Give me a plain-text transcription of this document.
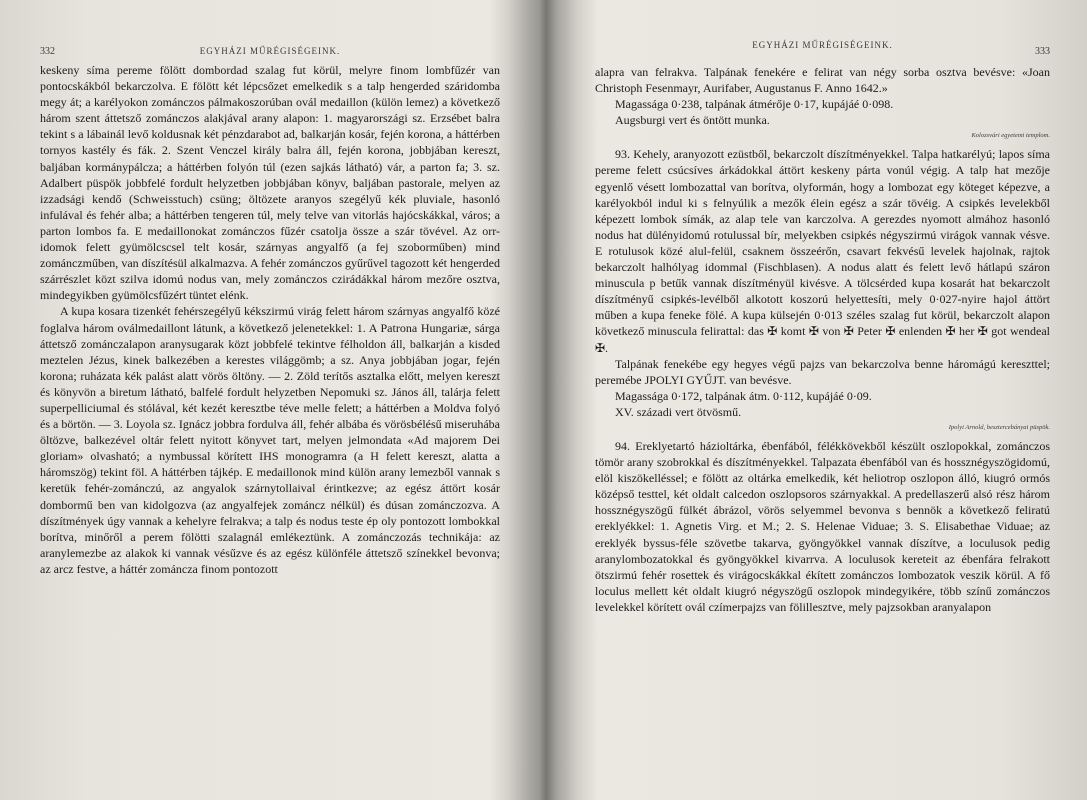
332	EGYHÁZI MŰRÉGISÉGEINK.

keskeny síma pereme fölött dombordad szalag fut körül, melyre finom lombfűzér van pontocskákból bekarczolva. E fölött két lépcsőzet emelkedik s a talp hengerded száridomba megy át; a karélyokon zománczos pálmakoszorúban ovál medaillon (külön lemez) a következő három szent áttetsző zománczos alakjával arany alapon: 1. magyarországi sz. Erzsébet balra tekint s a lábainál levő koldusnak két pénzdarabot ad, balkarján kosár, fején korona, a háttérben tornyos kastély és fák. 2. Szent Venczel király balra áll, fején korona, jobbjában kereszt, baljában kormánypálcza; a háttérben folyón túl (ezen sajkás látható) vár, a parton fa; 3. sz. Adalbert püspök jobbfelé fordult helyzetben jobbjában könyv, baljában pastorale, melyen az izzadsági kendő (Schweisstuch) csüng; öltözete aranyos szegélyű kék pluviale, hasonló infulával és fehér alba; a háttérben tengeren túl, mely telve van vitorlás hajócskákkal, város; a parton lombos fa. E medaillonokat zománczos fűzér csatolja össze a szár tövével. Az orr-idomok felett gyümölcscsel telt kosár, szárnyas angyalfő (a fej szoborműben) mind zománczműben, van díszítésül alkalmazva. A fehér zománczos gyűrűvel tagozott két hengerded szárrészlet közt szilva idomú nodus van, mely zománczos czirádákkal három mezőre osztva, mindegyikben gyümölcsfűzért tüntet elénk.

A kupa kosara tizenkét fehérszegélyű kékszirmú virág felett három szárnyas angyalfő közé foglalva három oválmedaillont látunk, a következő jelenetekkel: 1. A Patrona Hungariæ, sárga áttetsző zománczalapon aranysugarak közt jobbfelé tekintve félholdon áll, balkarján a kisded meztelen Jézus, kinek balkezében a kerestes világgömb; a sz. Anya jobbjában jogar, fején korona; ruházata kék palást alatt vörös öltöny. — 2. Zöld terítős asztalka előtt, melyen kereszt és könyvön a biretum látható, balfelé fordult helyzetben Nepomuki sz. János áll, talárja felett superpelliciumal és stólával, két kezét keresztbe téve melle felett; a háttérben a Moldva folyó és a börtön. — 3. Loyola sz. Ignácz jobbra fordulva áll, fehér albába és vörösbélésű miseruhába öltözve, balkezével oltár felett nyitott könyvet tart, melyen jelmondata «Ad majorem Dei gloriam» olvasható; a nymbussal körített IHS monogramra (a H felett kereszt, alatta a háromszög) tekint föl. A háttérben tájkép. E medaillonok mind külön arany lemezből vannak s keretük fehér-zománczú, az angyalok szárnytollaival érintkezve; az egész áttört kosár dombormű ben van kidolgozva (az angyalfejek zománcz nélkül) és dúsan zománczozva. A díszítmények úgy vannak a kehelyre felrakva; a talp és nodus teste ép oly pontozott lombokkal borítva, minőről a perem fölötti szalagnál emlékeztünk. A zománczozás technikája: az aranylemezbe az alakok ki vannak vésűzve és az egész különféle áttetsző színekkel bevonva; az arcz festve, a háttér zománcza finom pontozott

EGYHÁZI MŰRÉGISÉGEINK.
333

alapra van felrakva. Talpának fenekére e felirat van négy sorba osztva bevésve: «Joan Christoph Fesenmayr, Aurifaber, Augustanus F. Anno 1642.»

Magassága 0·238, talpának átmérője 0·17, kupájáé 0·098.

Augsburgi vert és öntött munka.

Kolozsvári egyetemi templom.

93. Kehely, aranyozott ezüstből, bekarczolt díszítményekkel. Talpa hatkarélyú; lapos síma pereme felett csúcsíves árkádokkal áttört keskeny párta vonúl végig. A talp hat mezője egyenlő vésett lombozattal van borítva, olyformán, hogy a lombozat egy köteget képezve, a karélyokból indul ki s felnyúlik a mezők élein egész a szár tövéig. A csipkés levelekből képezett lombok símák, az alap tele van karczolva. A gerezdes nyomott almához hasonló nodus hat dülényidomú rotulussal bír, melyekben csipkés négyszirmú virágok vannak vésve. E rotulusok közé alul-felül, csaknem összeérőn, csavart fekvésű levelek hajolnak, rajtok bekarczolt halhólyag idommal (Fischblasen). A nodus alatt és felett levő hátlapú száron minuscula p betűk vannak díszítményül kivésve. A tölcsérded kupa kosarát hat bekarczolt díszítményű csipkés-levélből alkotott koszorú helyettesíti, mely 0·027-nyire hajol áttört műben a kupa feneke fölé. A kupa külsején 0·013 széles szalag fut körül, bekarczolt alapon következő minuscula felirattal: das ✠ komt ✠ von ✠ Peter ✠ enlenden ✠ her ✠ got wendeal ✠.

Talpának fenekébe egy hegyes végű pajzs van bekarczolva benne háromágú kereszttel; peremébe JPOLYI GYŰJT. van bevésve.

Magassága 0·172, talpának átm. 0·112, kupájáé 0·09.

XV. századi vert ötvösmű.

Ipolyi Arnold, besztercebányai püspök.

94. Ereklyetartó házioltárka, ébenfából, félékkövekből készült oszlopokkal, zománczos tömör arany szobrokkal és díszítményekkel. Talpazata ébenfából van és hossznégyszögidomú, elöl kiszökelléssel; e fölött az oltárka emelkedik, két heliotrop oszlopon álló, kiugró ormós középső testtel, két oldalt calcedon oszlopsoros szárnyakkal. A predellaszerű alsó rész három hossznégyszögű fülkét ábrázol, vörös selyemmel bevonva s bennök a következő feliratú ereklyékkel: 1. Agnetis Virg. et M.; 2. S. Helenae Viduae; 3. S. Elisabethae Viduae; az ereklyék byssus-féle szövetbe takarva, gyöngyökkel vannak díszítve, a loculusok pedig aranylombozatokkal és gyöngyökkel kivarrva. A loculusok kereteit az ébenfára felrakott ötszirmú fehér rosettek és virágocskákkal ékített zománczos lombozatok veszik körül. A fő loculus mellett két oldalt kiugró négyszögű oszlopok mindegyikére, több színű zománczos levelekkel körített ovál czímerpajzs van fölillesztve, mely pajzsokban aranyalapon
